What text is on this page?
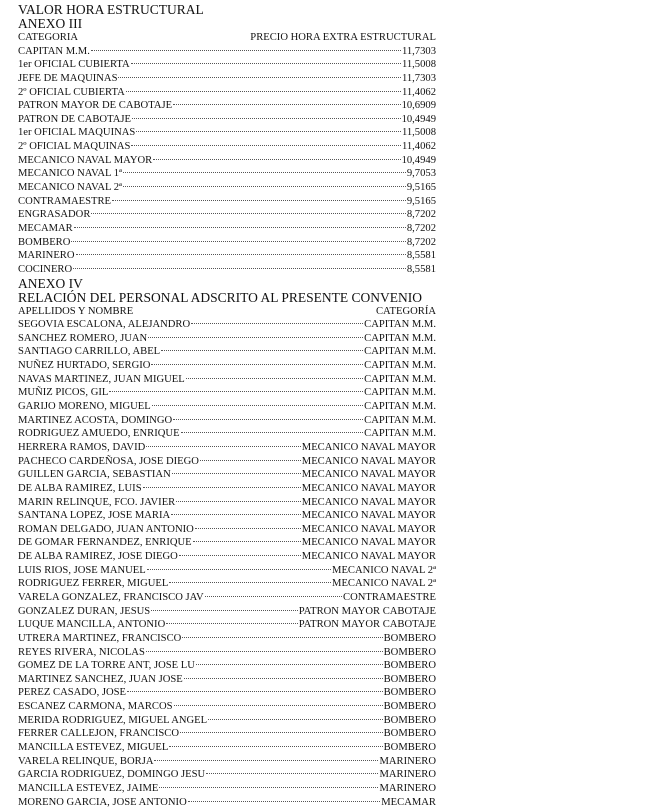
VALOR HORA ESTRUCTURAL
ANEXO III
CATEGORIA	PRECIO HORA EXTRA ESTRUCTURAL
CAPITAN M.M.	11,7303
1er OFICIAL CUBIERTA	11,5008
JEFE DE MAQUINAS	11,7303
2º OFICIAL CUBIERTA	11,4062
PATRON MAYOR DE CABOTAJE	10,6909
PATRON DE CABOTAJE	10,4949
1er OFICIAL MAQUINAS	11,5008
2º OFICIAL MAQUINAS	11,4062
MECANICO NAVAL MAYOR	10,4949
MECANICO NAVAL 1ª	9,7053
MECANICO NAVAL 2ª	9,5165
CONTRAMAESTRE	9,5165
ENGRASADOR	8,7202
MECAMAR	8,7202
BOMBERO	8,7202
MARINERO	8,5581
COCINERO	8,5581
ANEXO IV
RELACIÓN DEL PERSONAL ADSCRITO AL PRESENTE CONVENIO
APELLIDOS Y NOMBRE	CATEGORÍA
SEGOVIA ESCALONA, ALEJANDRO	CAPITAN M.M.
SANCHEZ ROMERO, JUAN	CAPITAN M.M.
SANTIAGO CARRILLO, ABEL	CAPITAN M.M.
NUÑEZ HURTADO, SERGIO	CAPITAN M.M.
NAVAS MARTINEZ, JUAN MIGUEL	CAPITAN M.M.
MUÑIZ PICOS, GIL	CAPITAN M.M.
GARIJO MORENO, MIGUEL	CAPITAN M.M.
MARTINEZ ACOSTA, DOMINGO	CAPITAN M.M.
RODRIGUEZ AMUEDO, ENRIQUE	CAPITAN M.M.
HERRERA RAMOS, DAVID	MECANICO NAVAL MAYOR
PACHECO CARDEÑOSA, JOSE DIEGO	MECANICO NAVAL MAYOR
GUILLEN GARCIA, SEBASTIAN	MECANICO NAVAL MAYOR
DE ALBA RAMIREZ, LUIS	MECANICO NAVAL MAYOR
MARIN RELINQUE, FCO. JAVIER	MECANICO NAVAL MAYOR
SANTANA LOPEZ, JOSE MARIA	MECANICO NAVAL MAYOR
ROMAN DELGADO, JUAN ANTONIO	MECANICO NAVAL MAYOR
DE GOMAR FERNANDEZ, ENRIQUE	MECANICO NAVAL MAYOR
DE ALBA RAMIREZ, JOSE DIEGO	MECANICO NAVAL MAYOR
LUIS RIOS, JOSE MANUEL	MECANICO NAVAL 2ª
RODRIGUEZ FERRER, MIGUEL	MECANICO NAVAL 2ª
VARELA GONZALEZ, FRANCISCO JAV	CONTRAMAESTRE
GONZALEZ DURAN, JESUS	PATRON MAYOR CABOTAJE
LUQUE MANCILLA, ANTONIO	PATRON MAYOR CABOTAJE
UTRERA MARTINEZ, FRANCISCO	BOMBERO
REYES RIVERA, NICOLAS	BOMBERO
GOMEZ DE LA TORRE ANT, JOSE LU	BOMBERO
MARTINEZ SANCHEZ, JUAN JOSE	BOMBERO
PEREZ CASADO, JOSE	BOMBERO
ESCANEZ CARMONA, MARCOS	BOMBERO
MERIDA RODRIGUEZ, MIGUEL ANGEL	BOMBERO
FERRER CALLEJON, FRANCISCO	BOMBERO
MANCILLA ESTEVEZ, MIGUEL	BOMBERO
VARELA RELINQUE, BORJA	MARINERO
GARCIA RODRIGUEZ, DOMINGO JESU	MARINERO
MANCILLA ESTEVEZ, JAIME	MARINERO
MORENO GARCIA, JOSE ANTONIO	MECAMAR
